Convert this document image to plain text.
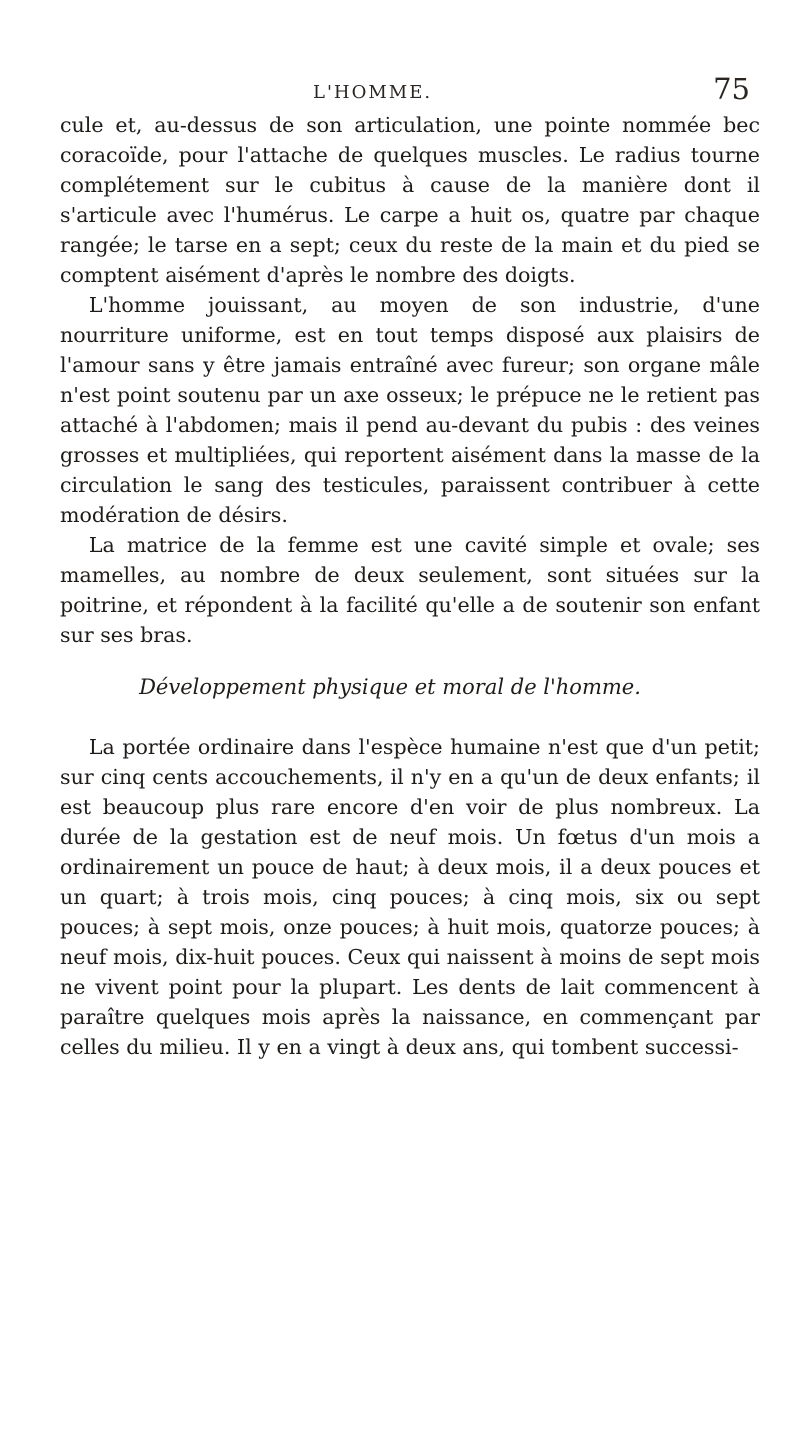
L'HOMME.	75

cule et, au-dessus de son articulation, une pointe nommée bec coracoïde, pour l'attache de quelques muscles. Le radius tourne complétement sur le cubitus à cause de la manière dont il s'articule avec l'humérus. Le carpe a huit os, quatre par chaque rangée; le tarse en a sept; ceux du reste de la main et du pied se comptent aisément d'après le nombre des doigts.

L'homme jouissant, au moyen de son industrie, d'une nourriture uniforme, est en tout temps disposé aux plaisirs de l'amour sans y être jamais entraîné avec fureur; son organe mâle n'est point soutenu par un axe osseux; le prépuce ne le retient pas attaché à l'abdomen; mais il pend au-devant du pubis : des veines grosses et multipliées, qui reportent aisément dans la masse de la circulation le sang des testicules, paraissent contribuer à cette modération de désirs.

La matrice de la femme est une cavité simple et ovale; ses mamelles, au nombre de deux seulement, sont situées sur la poitrine, et répondent à la facilité qu'elle a de soutenir son enfant sur ses bras.

Développement physique et moral de l'homme.

La portée ordinaire dans l'espèce humaine n'est que d'un petit; sur cinq cents accouchements, il n'y en a qu'un de deux enfants; il est beaucoup plus rare encore d'en voir de plus nombreux. La durée de la gestation est de neuf mois. Un fœtus d'un mois a ordinairement un pouce de haut; à deux mois, il a deux pouces et un quart; à trois mois, cinq pouces; à cinq mois, six ou sept pouces; à sept mois, onze pouces; à huit mois, quatorze pouces; à neuf mois, dix-huit pouces. Ceux qui naissent à moins de sept mois ne vivent point pour la plupart. Les dents de lait commencent à paraître quelques mois après la naissance, en commençant par celles du milieu. Il y en a vingt à deux ans, qui tombent successi-
